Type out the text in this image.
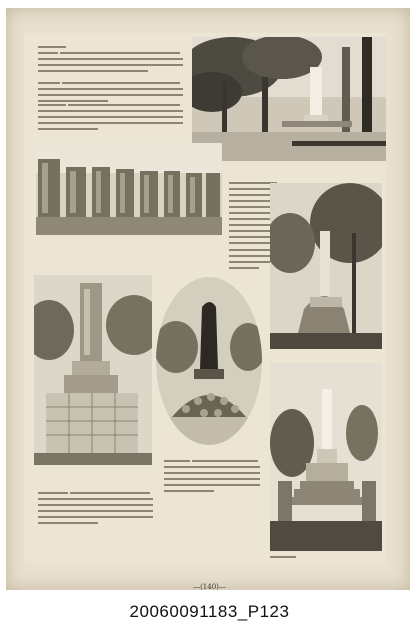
―(140)―
20060091183_P123
